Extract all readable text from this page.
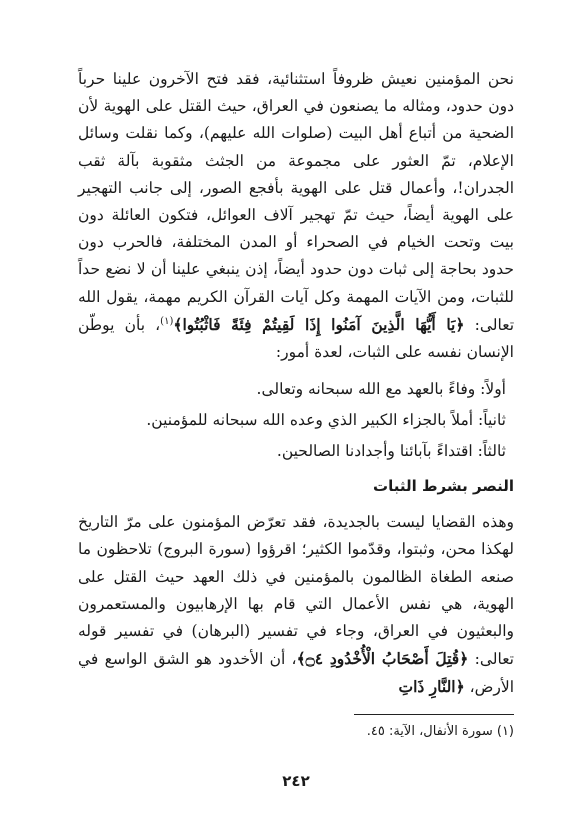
نحن المؤمنين نعيش ظروفاً استثنائية، فقد فتح الآخرون علينا حرباً دون حدود، ومثاله ما يصنعون في العراق، حيث القتل على الهوية لأن الضحية من أتباع أهل البيت (صلوات الله عليهم)، وكما نقلت وسائل الإعلام، تمّ العثور على مجموعة من الجثث مثقوبة بآلة ثقب الجدران!، وأعمال قتل على الهوية بأفجع الصور، إلى جانب التهجير على الهوية أيضاً، حيث تمّ تهجير آلاف العوائل، فتكون العائلة دون بيت وتحت الخيام في الصحراء أو المدن المختلفة، فالحرب دون حدود بحاجة إلى ثبات دون حدود أيضاً، إذن ينبغي علينا أن لا نضع حداً للثبات، ومن الآيات المهمة وكل آيات القرآن الكريم مهمة، يقول الله تعالى: ﴿يَا أَيُّهَا الَّذِينَ آمَنُوا إِذَا لَقِيتُمْ فِئَةً فَاثْبُتُوا﴾$^{(١)}$، بأن يوطّن الإنسان نفسه على الثبات، لعدة أمور:

أولاً: وفاءً بالعهد مع الله سبحانه وتعالى.

ثانياً: أملاً بالجزاء الكبير الذي وعده الله سبحانه للمؤمنين.

ثالثاً: اقتداءً بآبائنا وأجدادنا الصالحين.

النصر بشرط الثبات

وهذه القضايا ليست بالجديدة، فقد تعرّض المؤمنون على مرّ التاريخ لهكذا محن، وثبتوا، وقدّموا الكثير؛ اقرؤوا (سورة البروج) تلاحظون ما صنعه الطغاة الظالمون بالمؤمنين في ذلك العهد حيث القتل على الهوية، هي نفس الأعمال التي قام بها الإرهابيون والمستعمرون والبعثيون في العراق، وجاء في تفسير (البرهان) في تفسير قوله تعالى: ﴿قُتِلَ أَصْحَابُ الْأُخْدُودِ ۝٤﴾، أن الأخدود هو الشق الواسع في الأرض، ﴿النَّارِ ذَاتِ

(١) سورة الأنفال، الآية: ٤٥.
٢٤٢
